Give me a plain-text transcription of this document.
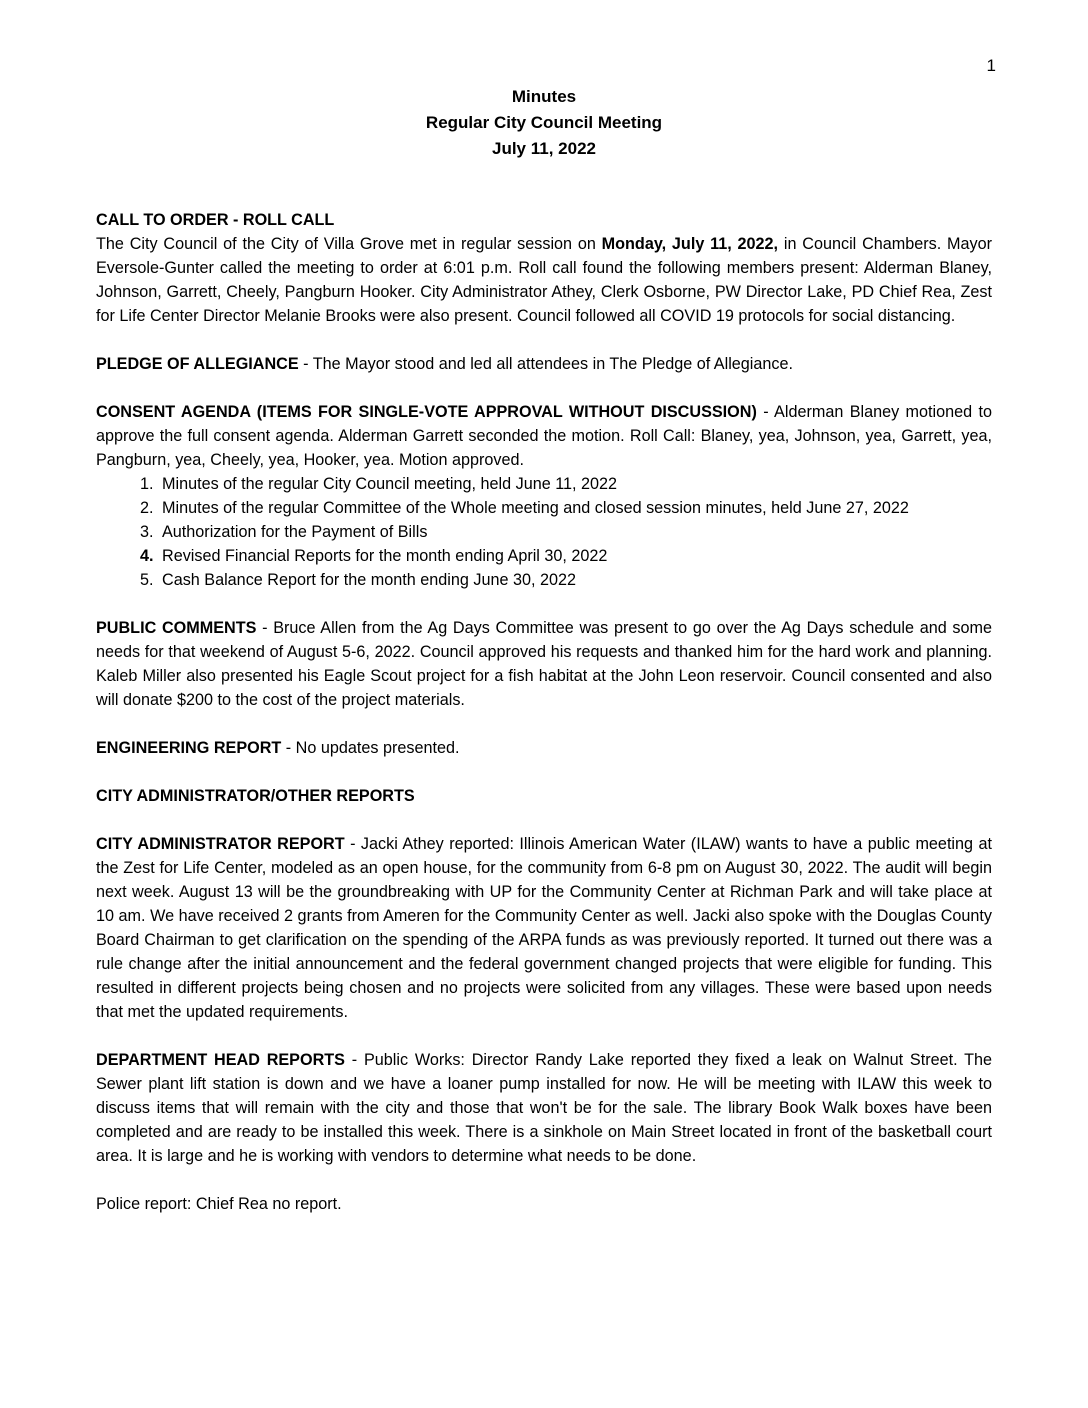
1
Minutes
Regular City Council Meeting
July 11, 2022
CALL TO ORDER - ROLL CALL

The City Council of the City of Villa Grove met in regular session on Monday, July 11, 2022, in Council Chambers. Mayor Eversole-Gunter called the meeting to order at 6:01 p.m. Roll call found the following members present: Alderman Blaney, Johnson, Garrett, Cheely, Pangburn Hooker. City Administrator Athey, Clerk Osborne, PW Director Lake, PD Chief Rea, Zest for Life Center Director Melanie Brooks were also present. Council followed all COVID 19 protocols for social distancing.

PLEDGE OF ALLEGIANCE - The Mayor stood and led all attendees in The Pledge of Allegiance.

CONSENT AGENDA (ITEMS FOR SINGLE-VOTE APPROVAL WITHOUT DISCUSSION) - Alderman Blaney motioned to approve the full consent agenda. Alderman Garrett seconded the motion. Roll Call: Blaney, yea, Johnson, yea, Garrett, yea, Pangburn, yea, Cheely, yea, Hooker, yea. Motion approved.

1. Minutes of the regular City Council meeting, held June 11, 2022
2. Minutes of the regular Committee of the Whole meeting and closed session minutes, held June 27, 2022
3. Authorization for the Payment of Bills
4. Revised Financial Reports for the month ending April 30, 2022
5. Cash Balance Report for the month ending June 30, 2022

PUBLIC COMMENTS - Bruce Allen from the Ag Days Committee was present to go over the Ag Days schedule and some needs for that weekend of August 5-6, 2022. Council approved his requests and thanked him for the hard work and planning. Kaleb Miller also presented his Eagle Scout project for a fish habitat at the John Leon reservoir. Council consented and also will donate $200 to the cost of the project materials.

ENGINEERING REPORT - No updates presented.

CITY ADMINISTRATOR/OTHER REPORTS

CITY ADMINISTRATOR REPORT - Jacki Athey reported: Illinois American Water (ILAW) wants to have a public meeting at the Zest for Life Center, modeled as an open house, for the community from 6-8 pm on August 30, 2022. The audit will begin next week. August 13 will be the groundbreaking with UP for the Community Center at Richman Park and will take place at 10 am. We have received 2 grants from Ameren for the Community Center as well. Jacki also spoke with the Douglas County Board Chairman to get clarification on the spending of the ARPA funds as was previously reported. It turned out there was a rule change after the initial announcement and the federal government changed projects that were eligible for funding. This resulted in different projects being chosen and no projects were solicited from any villages. These were based upon needs that met the updated requirements.

DEPARTMENT HEAD REPORTS - Public Works: Director Randy Lake reported they fixed a leak on Walnut Street. The Sewer plant lift station is down and we have a loaner pump installed for now. He will be meeting with ILAW this week to discuss items that will remain with the city and those that won't be for the sale. The library Book Walk boxes have been completed and are ready to be installed this week. There is a sinkhole on Main Street located in front of the basketball court area. It is large and he is working with vendors to determine what needs to be done.

Police report: Chief Rea no report.
